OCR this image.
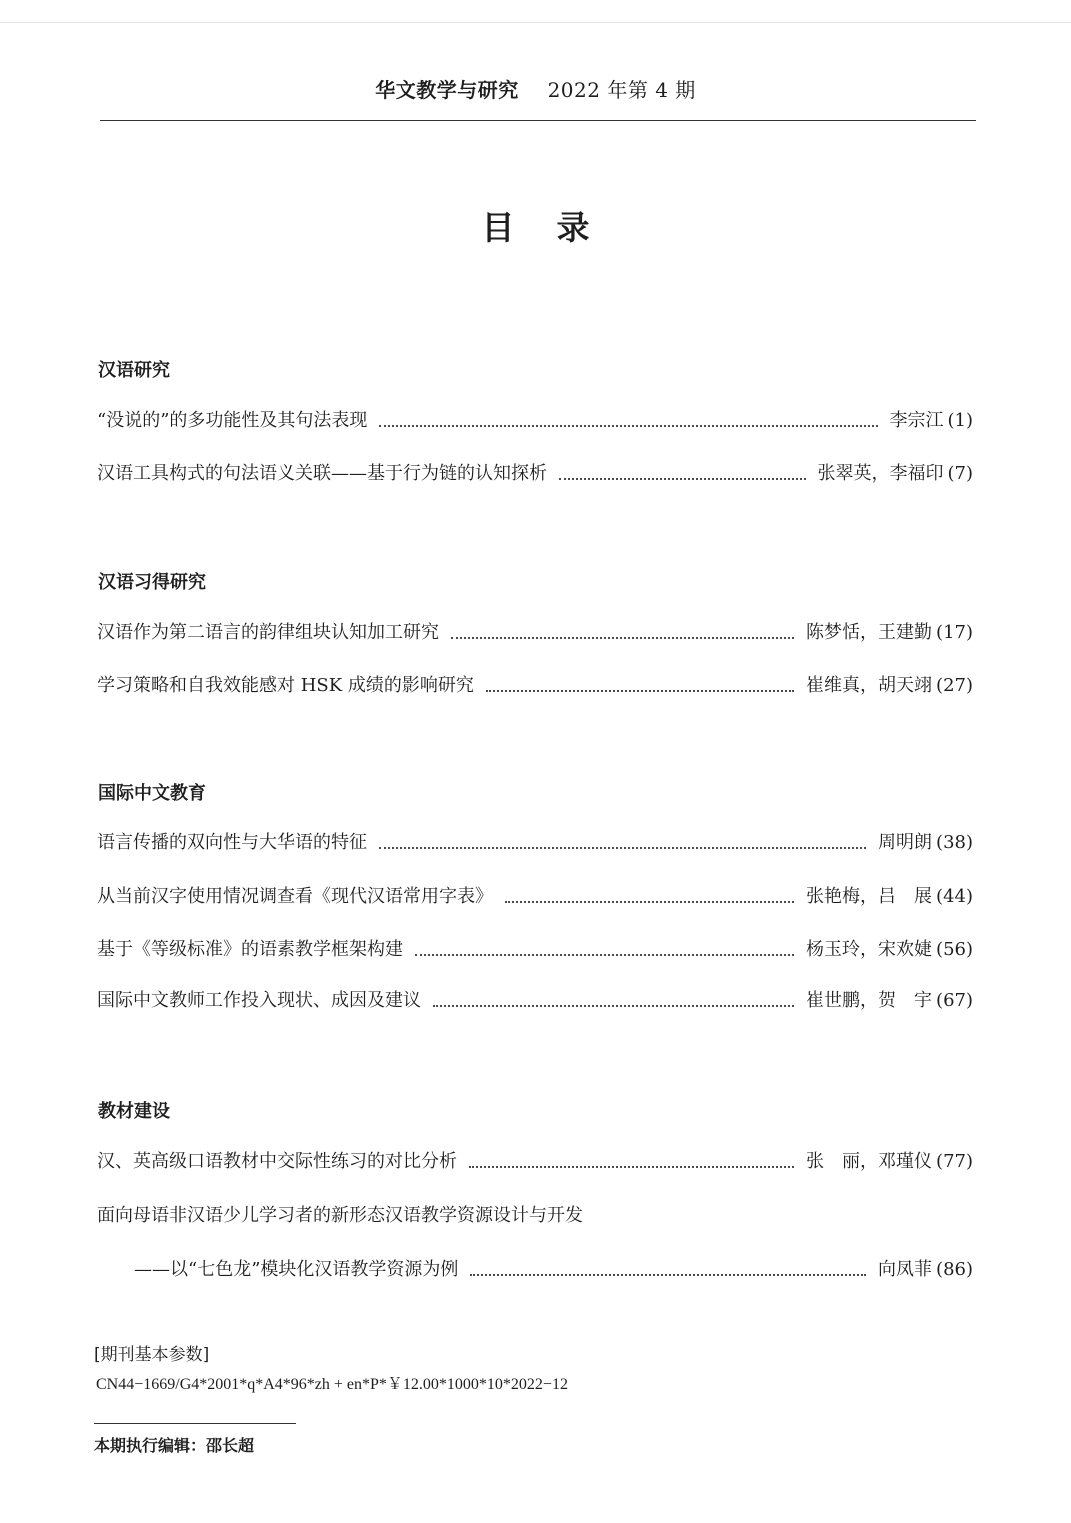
华文教学与研究 2022 年第 4 期
目录
汉语研究
“没说的”的多功能性及其句法表现	李宗江 (1)
汉语工具构式的句法语义关联——基于行为链的认知探析	张翠英，李福印 (7)
汉语习得研究
汉语作为第二语言的韵律组块认知加工研究	陈梦恬，王建勤 (17)
学习策略和自我效能感对 HSK 成绩的影响研究	崔维真，胡天翊 (27)
国际中文教育
语言传播的双向性与大华语的特征	周明朗 (38)
从当前汉字使用情况调查看《现代汉语常用字表》	张艳梅，吕　展 (44)
基于《等级标准》的语素教学框架构建	杨玉玲，宋欢婕 (56)
国际中文教师工作投入现状、成因及建议	崔世鹏，贺　宇 (67)
教材建设
汉、英高级口语教材中交际性练习的对比分析	张　丽，邓瑾仪 (77)
面向母语非汉语少儿学习者的新形态汉语教学资源设计与开发
——以“七色龙”模块化汉语教学资源为例	向凤菲 (86)
[期刊基本参数]
CN44−1669/G4*2001*q*A4*96*zh + en*P*￥12.00*1000*10*2022−12
本期执行编辑：邵长超
